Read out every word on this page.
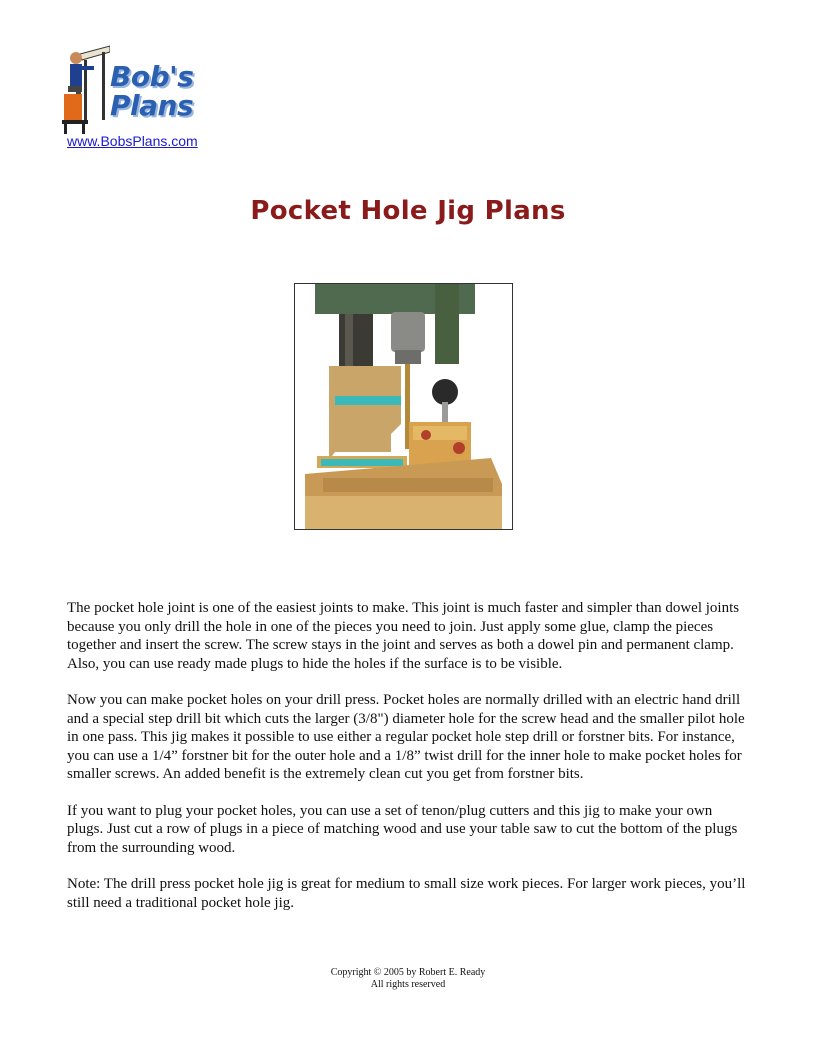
Bob's
Plans
www.BobsPlans.com
Pocket Hole Jig Plans

The pocket hole joint is one of the easiest joints to make. This joint is much faster and simpler than dowel joints because you only drill the hole in one of the pieces you need to join. Just apply some glue, clamp the pieces together and insert the screw. The screw stays in the joint and serves as both a dowel pin and permanent clamp. Also, you can use ready made plugs to hide the holes if the surface is to be visible.

Now you can make pocket holes on your drill press. Pocket holes are normally drilled with an electric hand drill and a special step drill bit which cuts the larger (3/8") diameter hole for the screw head and the smaller pilot hole in one pass. This jig makes it possible to use either a regular pocket hole step drill or forstner bits. For instance, you can use a 1/4” forstner bit for the outer hole and a 1/8” twist drill for the inner hole to make pocket holes for smaller screws. An added benefit is the extremely clean cut you get from forstner bits.

If you want to plug your pocket holes, you can use a set of tenon/plug cutters and this jig to make your own plugs. Just cut a row of plugs in a piece of matching wood and use your table saw to cut the bottom of the plugs from the surrounding wood.

Note: The drill press pocket hole jig is great for medium to small size work pieces. For larger work pieces, you’ll still need a traditional pocket hole jig.

Copyright © 2005 by Robert E. Ready
All rights reserved
